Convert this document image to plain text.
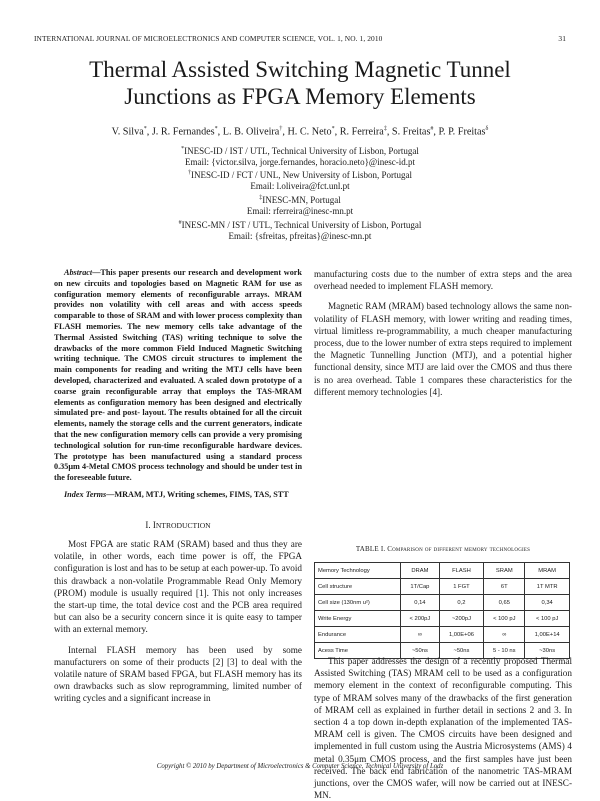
INTERNATIONAL JOURNAL OF MICROELECTRONICS AND COMPUTER SCIENCE, VOL. 1, NO. 1, 2010	31
Thermal Assisted Switching Magnetic Tunnel
Junctions as FPGA Memory Elements
V. Silva*, J. R. Fernandes*, L. B. Oliveira†, H. C. Neto*, R. Ferreira‡, S. Freitas#, P. P. Freitas$^\delta$
*INESC-ID / IST / UTL, Technical University of Lisbon, Portugal
Email: {victor.silva, jorge.fernandes, horacio.neto}@inesc-id.pt
†INESC-ID / FCT / UNL, New University of Lisbon, Portugal
Email: l.oliveira@fct.unl.pt
‡INESC-MN, Portugal
Email: rferreira@inesc-mn.pt
#INESC-MN / IST / UTL, Technical University of Lisbon, Portugal
Email: {sfreitas, pfreitas}@inesc-mn.pt

Abstract—This paper presents our research and development work on new circuits and topologies based on Magnetic RAM for use as configuration memory elements of reconfigurable arrays. MRAM provides non volatility with cell areas and with access speeds comparable to those of SRAM and with lower process complexity than FLASH memories. The new memory cells take advantage of the Thermal Assisted Switching (TAS) writing technique to solve the drawbacks of the more common Field Induced Magnetic Switching writing technique. The CMOS circuit structures to implement the main components for reading and writing the MTJ cells have been developed, characterized and evaluated. A scaled down prototype of a coarse grain reconfigurable array that employs the TAS-MRAM elements as configuration memory has been designed and electrically simulated pre- and post- layout. The results obtained for all the circuit elements, namely the storage cells and the current generators, indicate that the new configuration memory cells can provide a very promising technological solution for run-time reconfigurable hardware devices. The prototype has been manufactured using a standard process 0.35μm 4-Metal CMOS process technology and should be under test in the foreseeable future.

Index Terms—MRAM, MTJ, Writing schemes, FIMS, TAS, STT

I. INTRODUCTION

Most FPGA are static RAM (SRAM) based and thus they are volatile, in other words, each time power is off, the FPGA configuration is lost and has to be setup at each power-up. To avoid this drawback a non-volatile Programmable Read Only Memory (PROM) module is usually required [1]. This not only increases the start-up time, the total device cost and the PCB area required but can also be a security concern since it is quite easy to tamper with an external memory.

Internal FLASH memory has been used by some manufacturers on some of their products [2] [3] to deal with the volatile nature of SRAM based FPGA, but FLASH memory has its own drawbacks such as slow reprogramming, limited number of writing cycles and a significant increase in

manufacturing costs due to the number of extra steps and the area overhead needed to implement FLASH memory.

Magnetic RAM (MRAM) based technology allows the same non-volatility of FLASH memory, with lower writing and reading times, virtual limitless re-programmability, a much cheaper manufacturing process, due to the lower number of extra steps required to implement the Magnetic Tunnelling Junction (MTJ), and a potential higher functional density, since MTJ are laid over the CMOS and thus there is no area overhead. Table 1 compares these characteristics for the different memory technologies [4].

TABLE I. Comparison of different memory technologies
Memory Technology	DRAM	FLASH	SRAM	MRAM
Cell structure	1T/Cap	1 FGT	6T	1T MTR
Cell size (130nm u²)	0,14	0,2	0,65	0,34
Write Energy	< 200pJ	~200pJ	< 100 pJ	< 100 pJ
Endurance	∞	1,00E+06	∞	1,00E+14
Acess Time	~50ns	~50ns	5 - 10 ns	~30ns

This paper addresses the design of a recently proposed Thermal Assisted Switching (TAS) MRAM cell to be used as a configuration memory element in the context of reconfigurable computing. This type of MRAM solves many of the drawbacks of the first generation of MRAM cell as explained in further detail in sections 2 and 3. In section 4 a top down in-depth explanation of the implemented TAS-MRAM cell is given. The CMOS circuits have been designed and implemented in full custom using the Austria Microsystems (AMS) 4 metal 0.35μm CMOS process, and the first samples have just been received. The back end fabrication of the nanometric TAS-MRAM junctions, over the CMOS wafer, will now be carried out at INESC-MN.

Copyright © 2010 by Department of Microelectronics & Computer Science, Technical University of Lodz
